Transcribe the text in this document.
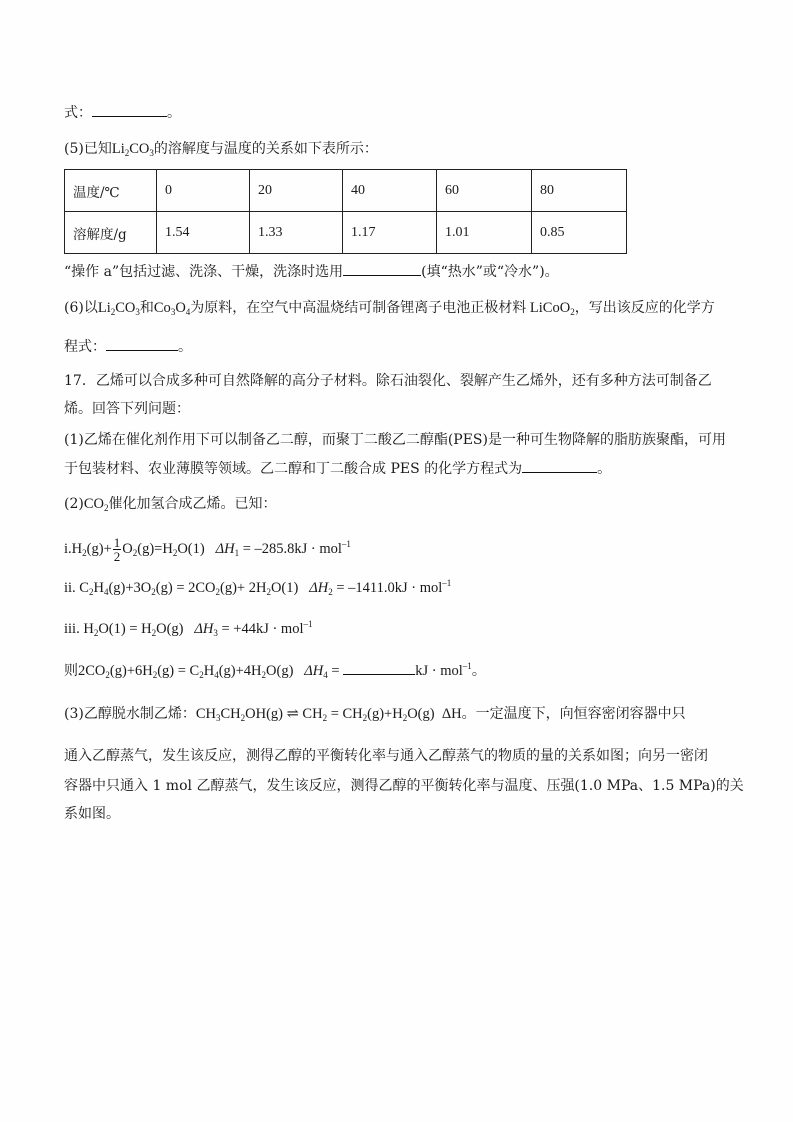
式：	。
(5)已知$Li_2CO_3$的溶解度与温度的关系如下表所示：
温度/℃	0	20	40	60	80
溶解度/g	1.54	1.33	1.17	1.01	0.85
“操作 a”包括过滤、洗涤、干燥，洗涤时选用	(填“热水”或“冷水”)。
(6)以$Li_2CO_3$和$Co_3O_4$为原料，在空气中高温烧结可制备锂离子电池正极材料 LiCoO$_2$，写出该反应的化学方
程式：	。
17．乙烯可以合成多种可自然降解的高分子材料。除石油裂化、裂解产生乙烯外，还有多种方法可制备乙
烯。回答下列问题：
(1)乙烯在催化剂作用下可以制备乙二醇，而聚丁二酸乙二醇酯(PES)是一种可生物降解的脂肪族聚酯，可用
于包装材料、农业薄膜等领域。乙二醇和丁二酸合成 PES 的化学方程式为	。
$(2)CO_2$催化加氢合成乙烯。已知：
$i.H_2(g)+ \frac{1}{2} O_2(g)=H_2O(1) \Delta H_1 = -285.8kJ \cdot mol^{-1}$
ii. $C_2H_4(g)+3O_2(g) = 2CO_2(g)+ 2H_2O(1) \Delta H_2 = -1411.0kJ \cdot mol^{-1}$
iii. $H_2O(1) = H_2O(g) \Delta H_3 = +44kJ \cdot mol^{-1}$
则$2CO_2(g)+6H_2(g) = C_2H_4(g)+4H_2O(g) \Delta H_4$ =	kJ · mol$^{-1}$。
(3)乙醇脱水制乙烯：$CH_3CH_2OH(g)$ ⇌ $CH_2 = CH_2(g)+H_2O(g)$ ΔH。一定温度下，向恒容密闭容器中只
通入乙醇蒸气，发生该反应，测得乙醇的平衡转化率与通入乙醇蒸气的物质的量的关系如图；向另一密闭
容器中只通入 1 mol 乙醇蒸气，发生该反应，测得乙醇的平衡转化率与温度、压强(1.0 MPa、1.5 MPa)的关
系如图。
